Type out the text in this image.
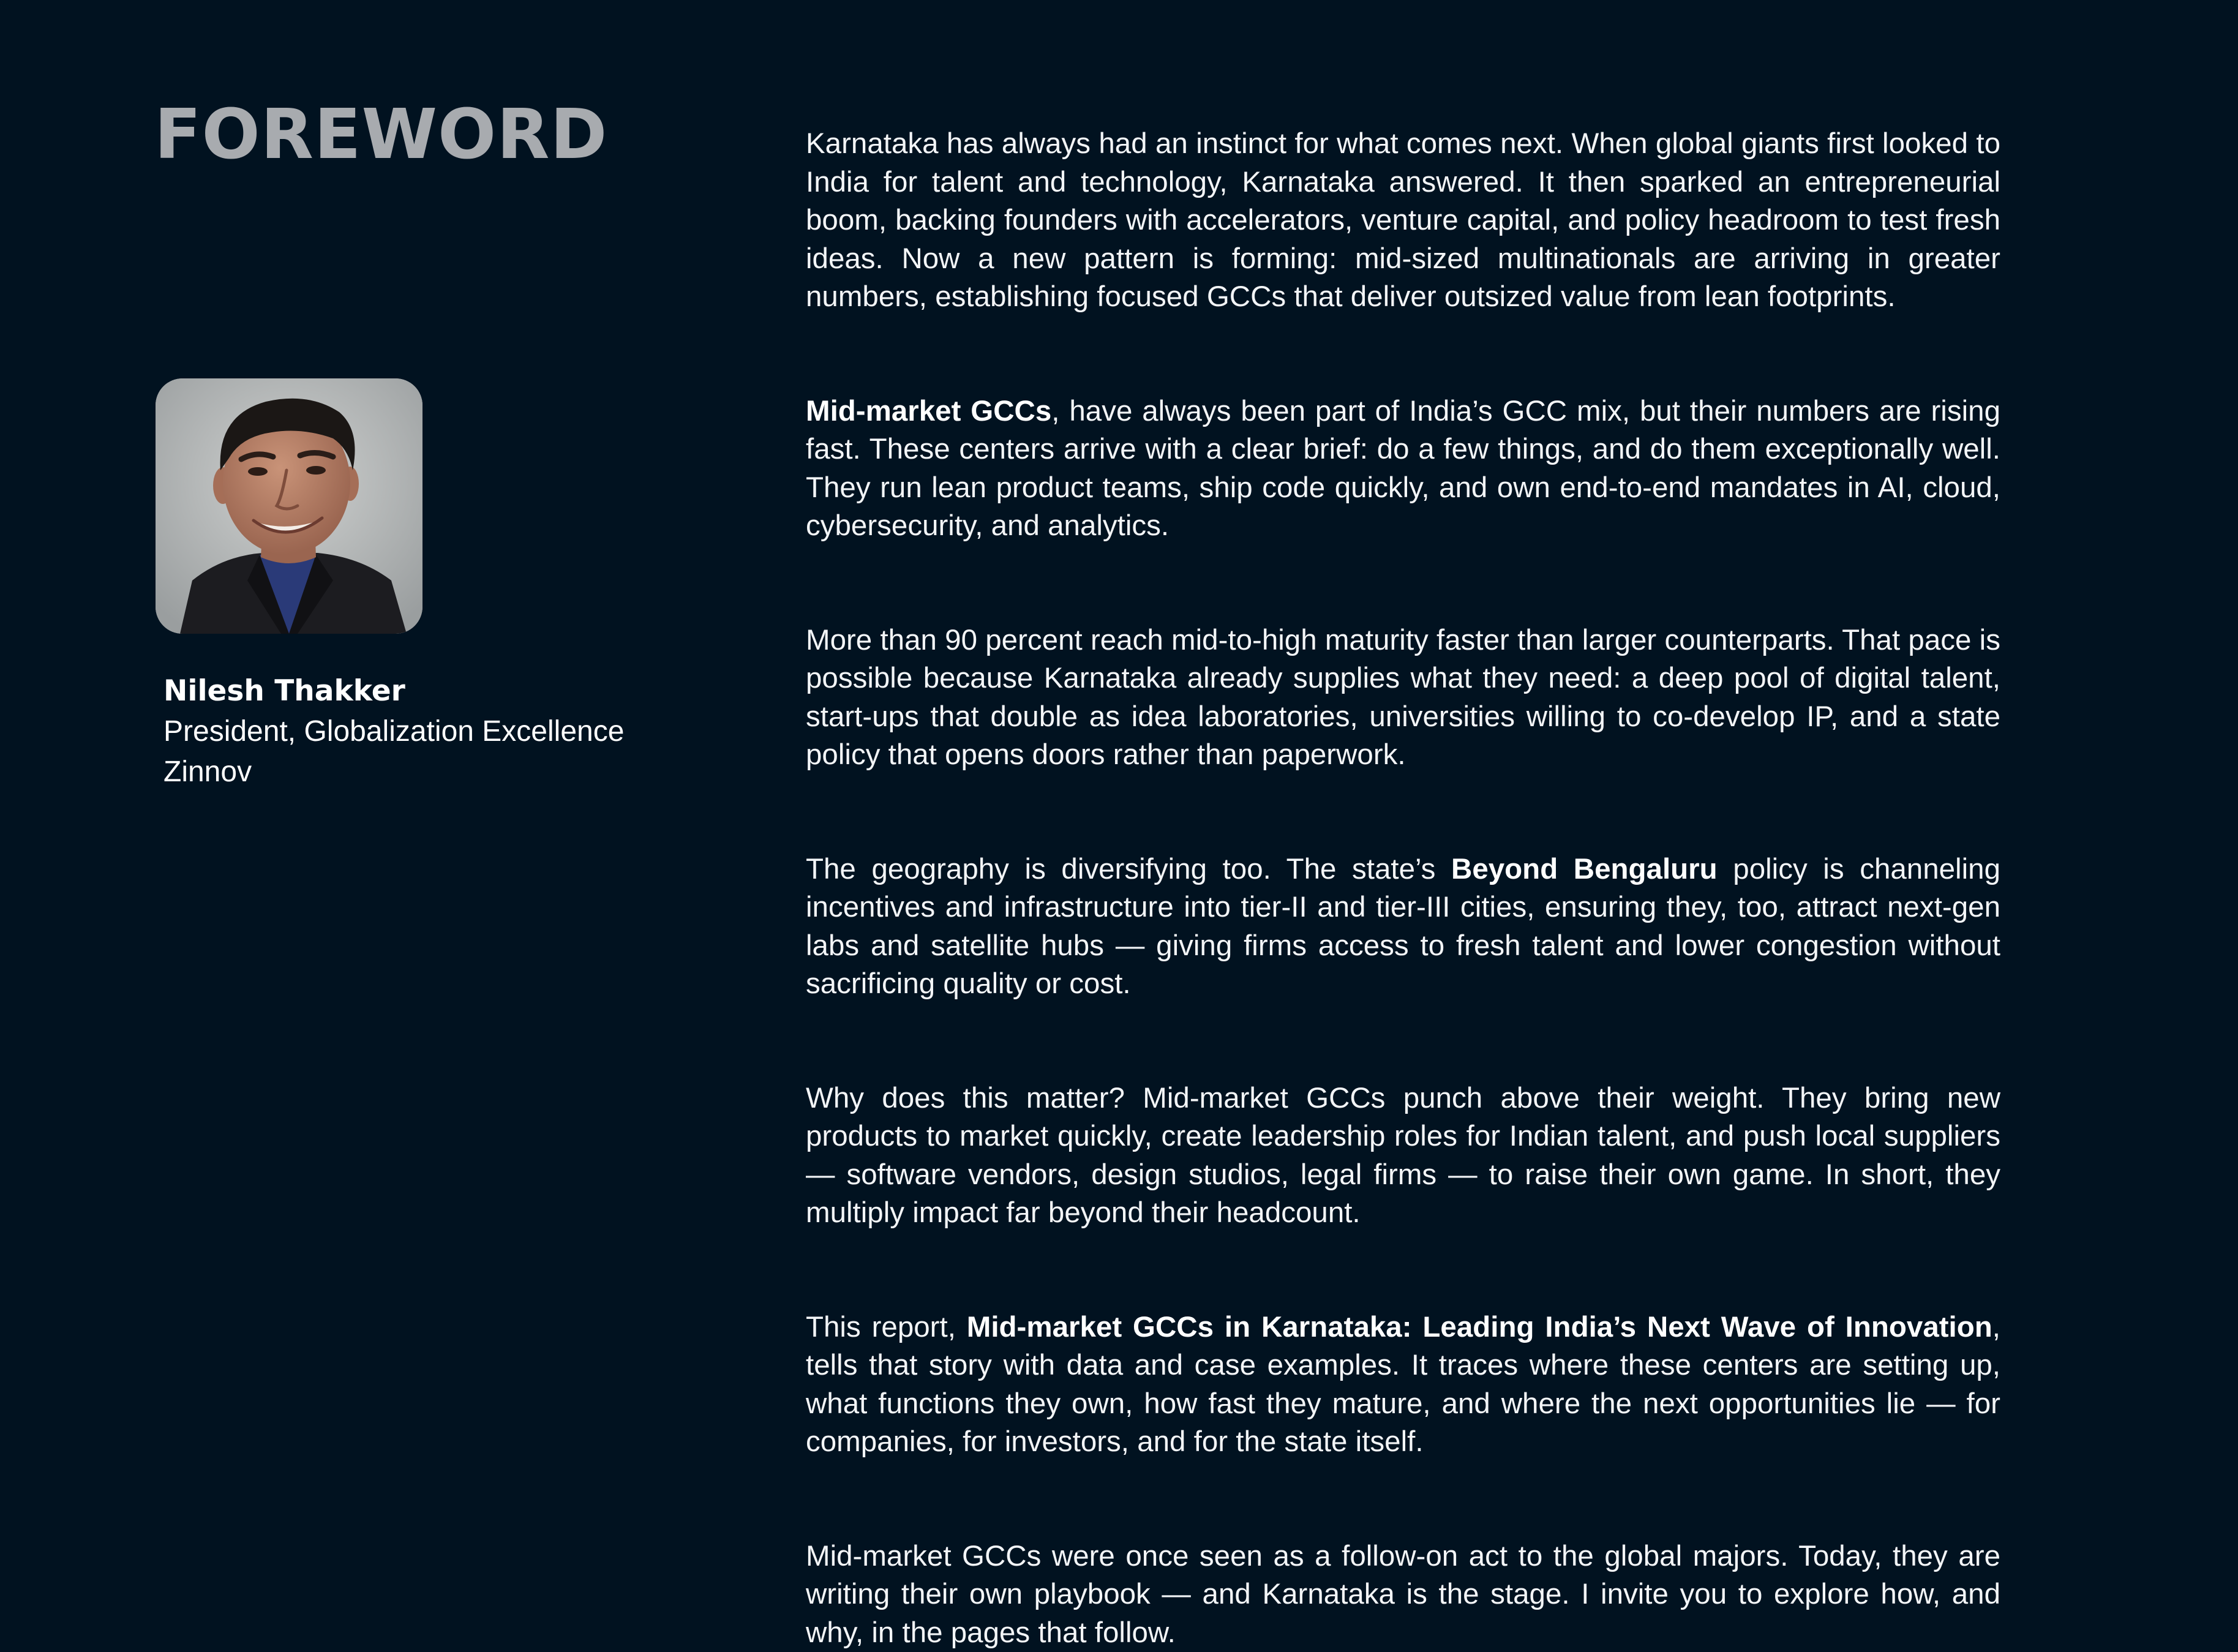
FOREWORD
Nilesh Thakker
President, Globalization Excellence
Zinnov

Karnataka has always had an instinct for what comes next. When global giants first looked to India for talent and technology, Karnataka answered. It then sparked an entrepreneurial boom, backing founders with accelerators, venture capital, and policy headroom to test fresh ideas. Now a new pattern is forming: mid-sized multinationals are arriving in greater numbers, establishing focused GCCs that deliver outsized value from lean footprints.

Mid-market GCCs, have always been part of India’s GCC mix, but their numbers are rising fast. These centers arrive with a clear brief: do a few things, and do them exceptionally well. They run lean product teams, ship code quickly, and own end-to-end mandates in AI, cloud, cybersecurity, and analytics.

More than 90 percent reach mid-to-high maturity faster than larger counterparts. That pace is possible because Karnataka already supplies what they need: a deep pool of digital talent, start-ups that double as idea laboratories, universities willing to co-develop IP, and a state policy that opens doors rather than paperwork.

The geography is diversifying too. The state’s Beyond Bengaluru policy is channeling incentives and infrastructure into tier-II and tier-III cities, ensuring they, too, attract next-gen labs and satellite hubs — giving firms access to fresh talent and lower congestion without sacrificing quality or cost.

Why does this matter? Mid-market GCCs punch above their weight. They bring new products to market quickly, create leadership roles for Indian talent, and push local suppliers — software vendors, design studios, legal firms — to raise their own game. In short, they multiply impact far beyond their headcount.

This report, Mid-market GCCs in Karnataka: Leading India’s Next Wave of Innovation, tells that story with data and case examples. It traces where these centers are setting up, what functions they own, how fast they mature, and where the next opportunities lie — for companies, for investors, and for the state itself.

Mid-market GCCs were once seen as a follow-on act to the global majors. Today, they are writing their own playbook — and Karnataka is the stage. I invite you to explore how, and why, in the pages that follow.
